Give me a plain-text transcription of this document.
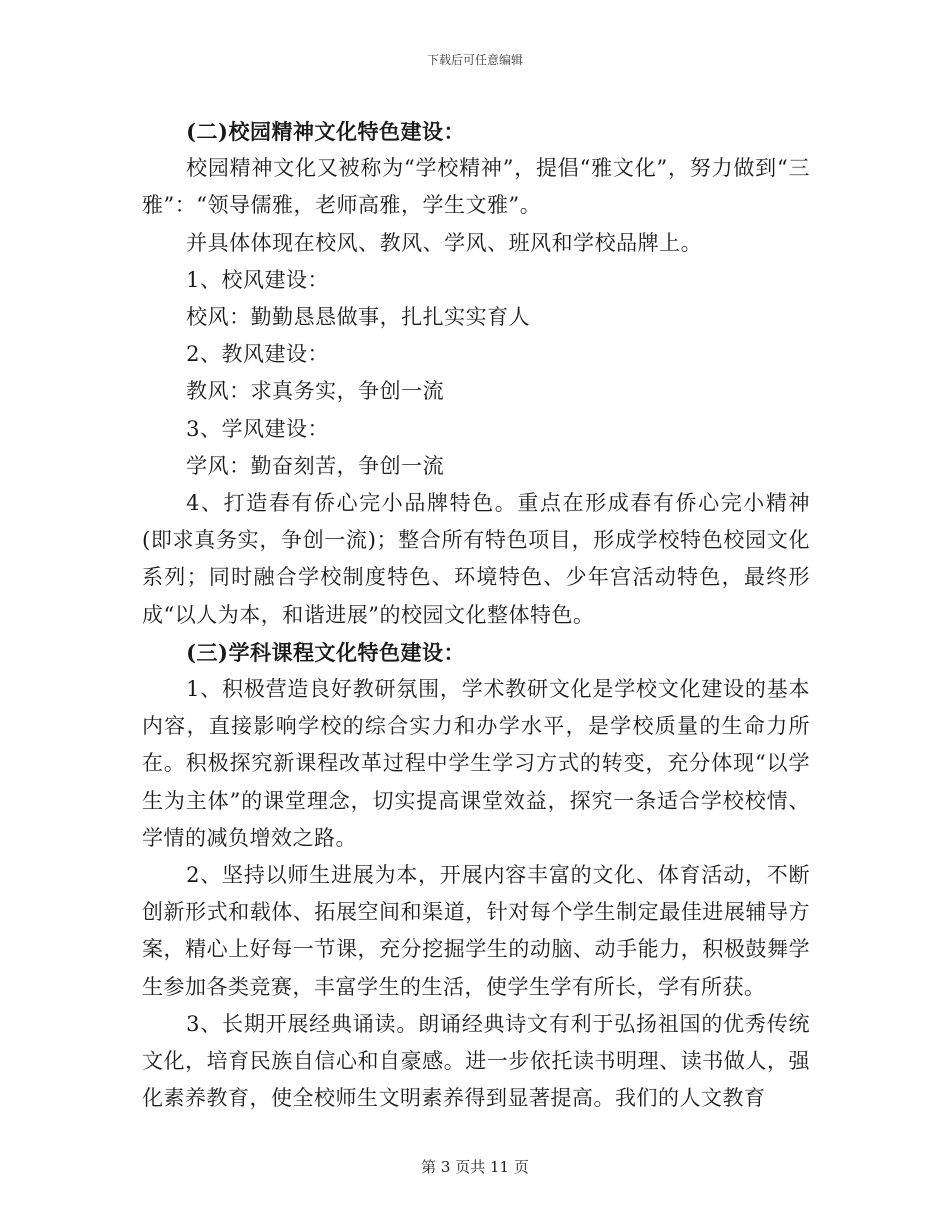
下载后可任意编辑

(二)校园精神文化特色建设：

校园精神文化又被称为“学校精神”，提倡“雅文化”，努力做到“三雅”：“领导儒雅，老师高雅，学生文雅”。

并具体体现在校风、教风、学风、班风和学校品牌上。

1、校风建设：

校风：勤勤恳恳做事，扎扎实实育人

2、教风建设：

教风：求真务实，争创一流

3、学风建设：

学风：勤奋刻苦，争创一流

4、打造春有侨心完小品牌特色。重点在形成春有侨心完小精神(即求真务实，争创一流)；整合所有特色项目，形成学校特色校园文化系列；同时融合学校制度特色、环境特色、少年宫活动特色，最终形成“以人为本，和谐进展”的校园文化整体特色。

(三)学科课程文化特色建设：

1、积极营造良好教研氛围，学术教研文化是学校文化建设的基本内容，直接影响学校的综合实力和办学水平，是学校质量的生命力所在。积极探究新课程改革过程中学生学习方式的转变，充分体现“以学生为主体”的课堂理念，切实提高课堂效益，探究一条适合学校校情、学情的减负增效之路。

2、坚持以师生进展为本，开展内容丰富的文化、体育活动，不断创新形式和载体、拓展空间和渠道，针对每个学生制定最佳进展辅导方案，精心上好每一节课，充分挖掘学生的动脑、动手能力，积极鼓舞学生参加各类竞赛，丰富学生的生活，使学生学有所长，学有所获。

3、长期开展经典诵读。朗诵经典诗文有利于弘扬祖国的优秀传统文化，培育民族自信心和自豪感。进一步依托读书明理、读书做人，强化素养教育，使全校师生文明素养得到显著提高。我们的人文教育

第 3 页共 11 页
